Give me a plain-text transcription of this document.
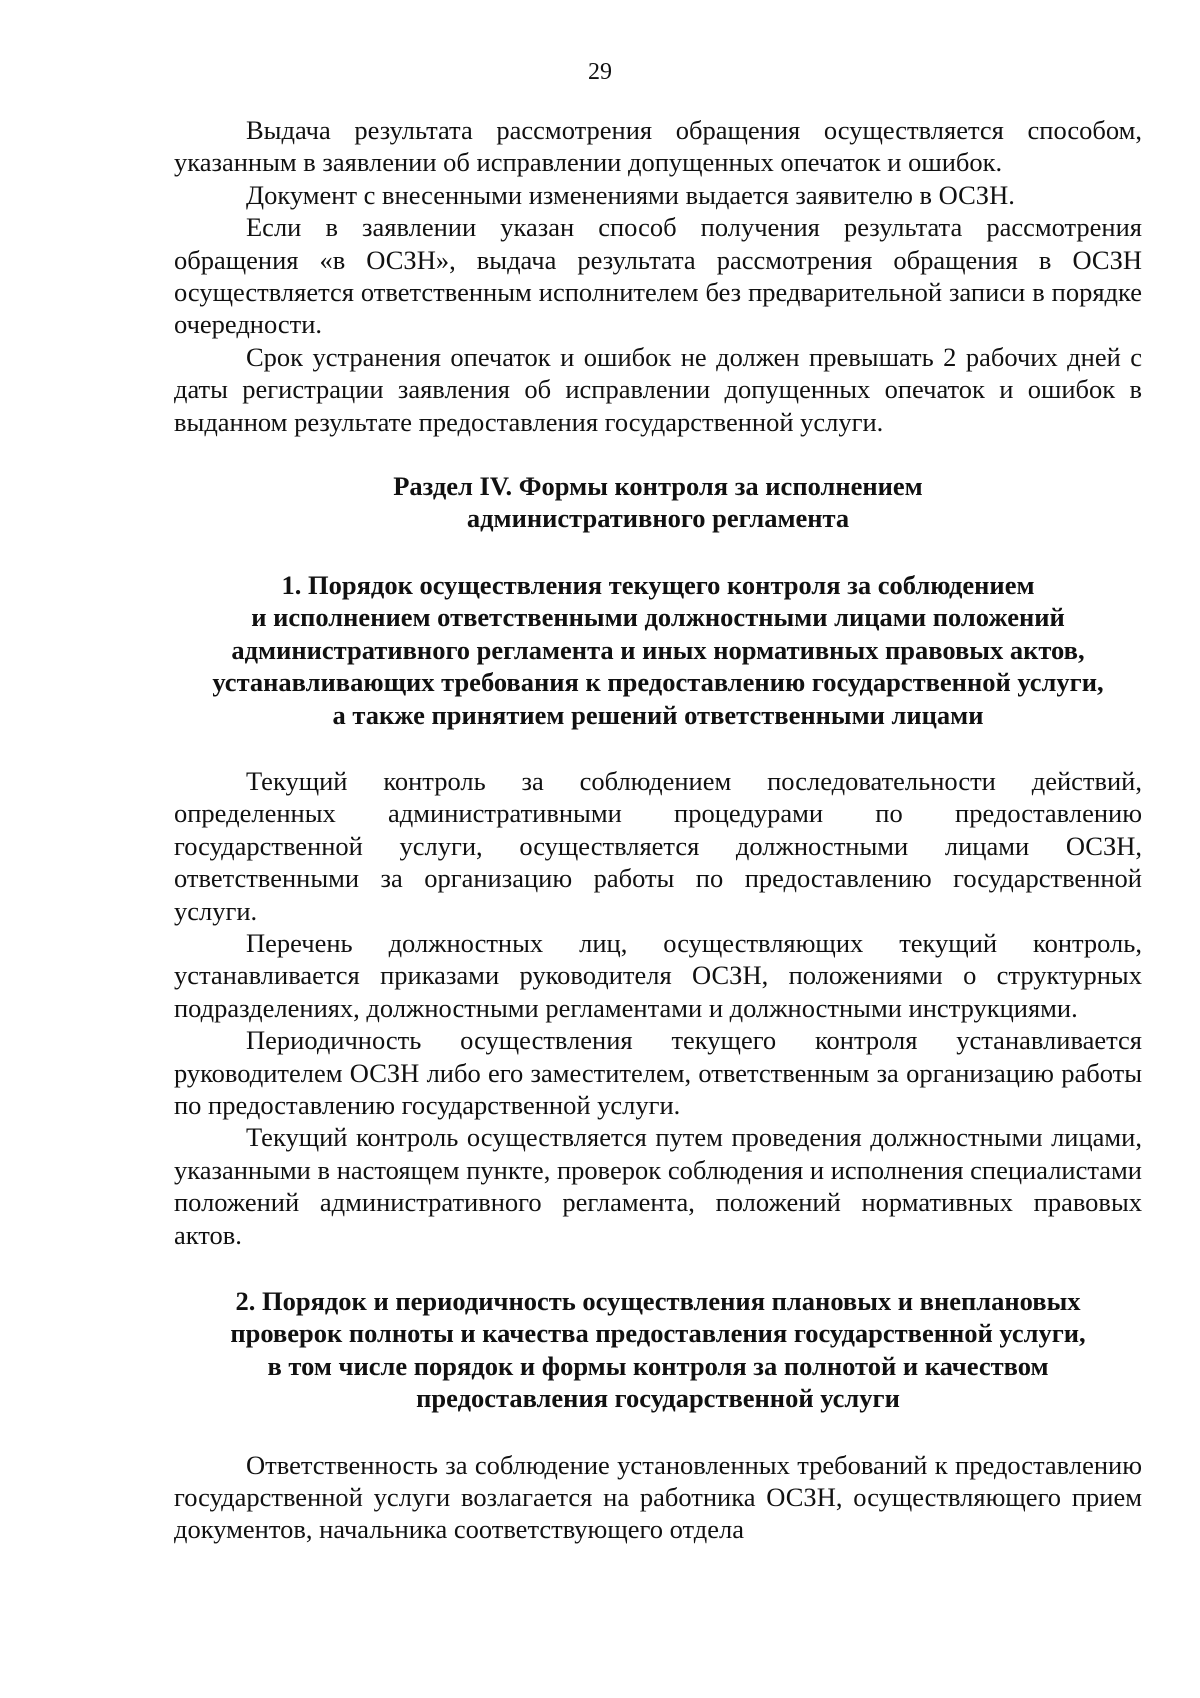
29

Выдача результата рассмотрения обращения осуществляется способом, указанным в заявлении об исправлении допущенных опечаток и ошибок.

Документ с внесенными изменениями выдается заявителю в ОСЗН.

Если в заявлении указан способ получения результата рассмотрения обращения «в ОСЗН», выдача результата рассмотрения обращения в ОСЗН осуществляется ответственным исполнителем без предварительной записи в порядке очередности.

Срок устранения опечаток и ошибок не должен превышать 2 рабочих дней с даты регистрации заявления об исправлении допущенных опечаток и ошибок в выданном результате предоставления государственной услуги.

Раздел IV. Формы контроля за исполнением
административного регламента
1. Порядок осуществления текущего контроля за соблюдением
и исполнением ответственными должностными лицами положений
административного регламента и иных нормативных правовых актов,
устанавливающих требования к предоставлению государственной услуги,
а также принятием решений ответственными лицами

Текущий контроль за соблюдением последовательности действий, определенных административными процедурами по предоставлению государственной услуги, осуществляется должностными лицами ОСЗН, ответственными за организацию работы по предоставлению государственной услуги.

Перечень должностных лиц, осуществляющих текущий контроль, устанавливается приказами руководителя ОСЗН, положениями о структурных подразделениях, должностными регламентами и должностными инструкциями.

Периодичность осуществления текущего контроля устанавливается руководителем ОСЗН либо его заместителем, ответственным за организацию работы по предоставлению государственной услуги.

Текущий контроль осуществляется путем проведения должностными лицами, указанными в настоящем пункте, проверок соблюдения и исполнения специалистами положений административного регламента, положений нормативных правовых актов.

2. Порядок и периодичность осуществления плановых и внеплановых
проверок полноты и качества предоставления государственной услуги,
в том числе порядок и формы контроля за полнотой и качеством
предоставления государственной услуги

Ответственность за соблюдение установленных требований к предоставлению государственной услуги возлагается на работника ОСЗН, осуществляющего прием документов, начальника соответствующего отдела
